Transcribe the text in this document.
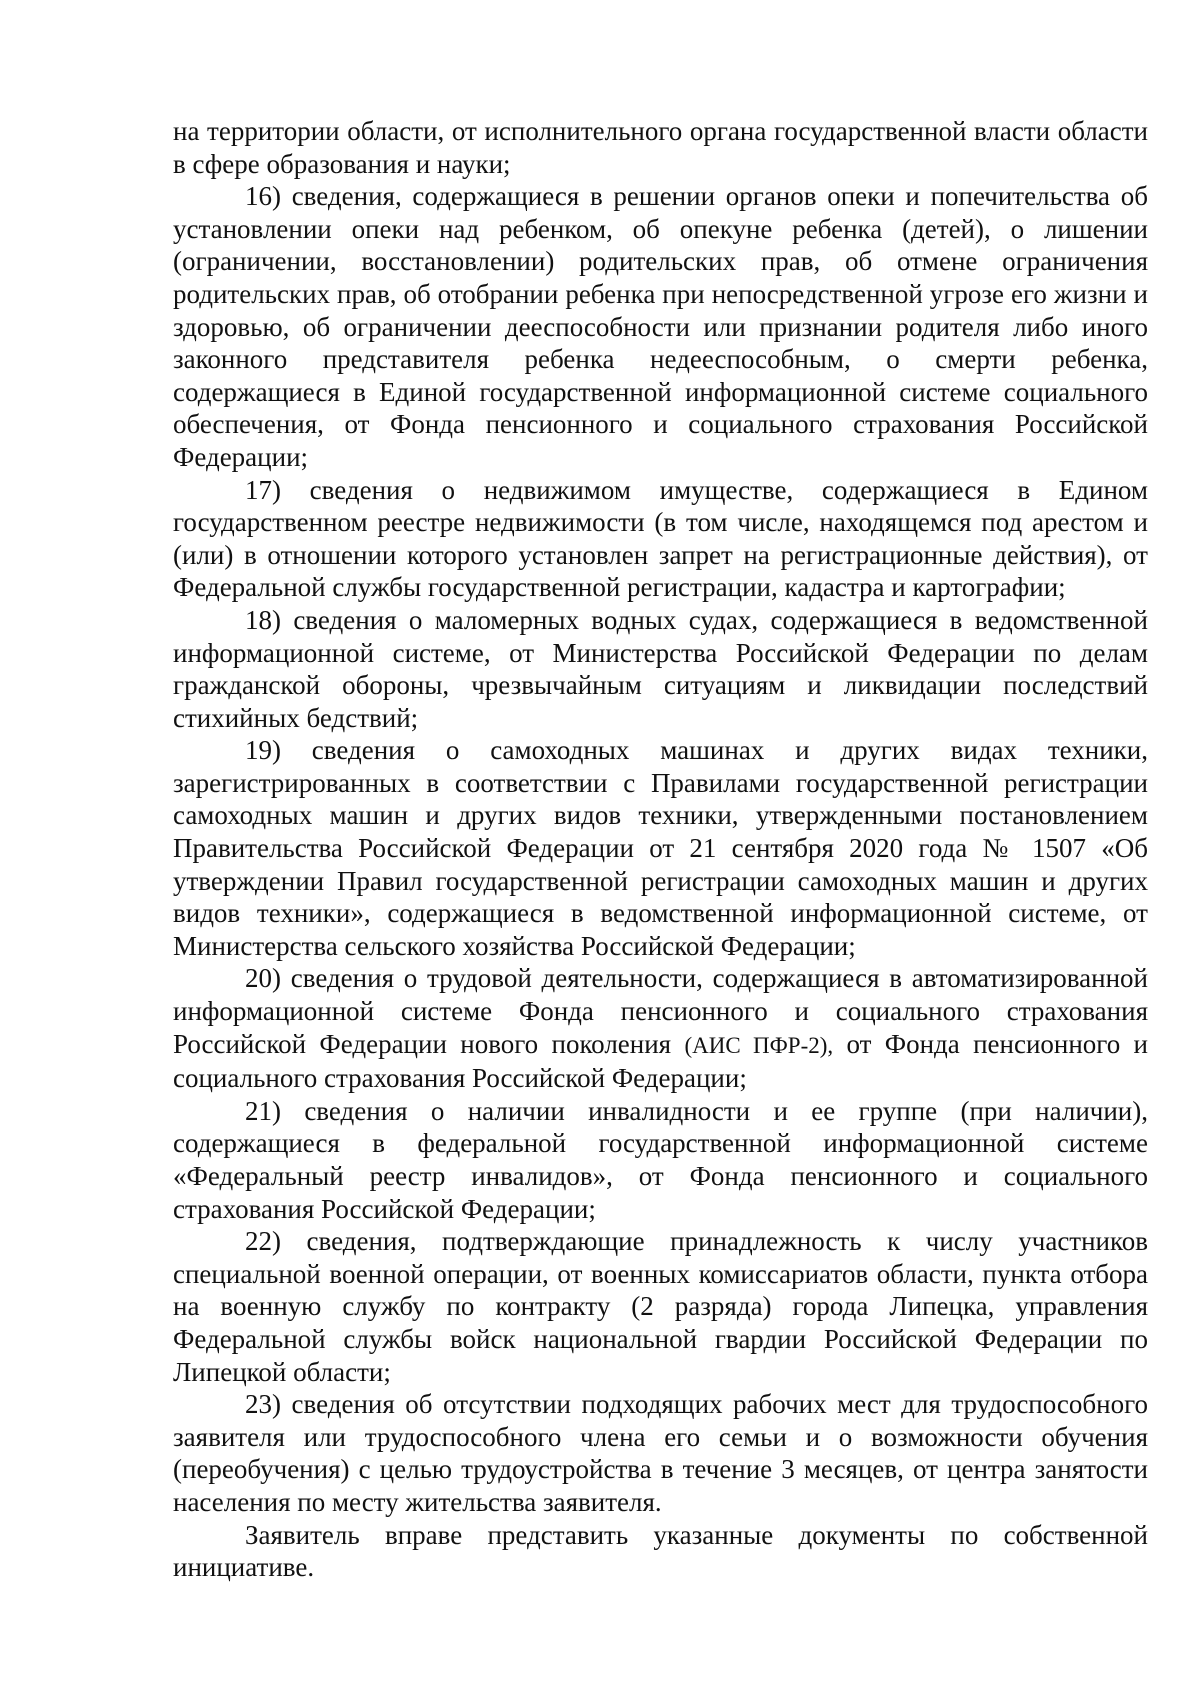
на территории области, от исполнительного органа государственной власти области в сфере образования и науки;

16) сведения, содержащиеся в решении органов опеки и попечительства об установлении опеки над ребенком, об опекуне ребенка (детей), о лишении (ограничении, восстановлении) родительских прав, об отмене ограничения родительских прав, об отобрании ребенка при непосредственной угрозе его жизни и здоровью, об ограничении дееспособности или признании родителя либо иного законного представителя ребенка недееспособным, о смерти ребенка, содержащиеся в Единой государственной информационной системе социального обеспечения, от Фонда пенсионного и социального страхования Российской Федерации;

17) сведения о недвижимом имуществе, содержащиеся в Едином государственном реестре недвижимости (в том числе, находящемся под арестом и (или) в отношении которого установлен запрет на регистрационные действия), от Федеральной службы государственной регистрации, кадастра и картографии;

18) сведения о маломерных водных судах, содержащиеся в ведомственной информационной системе, от Министерства Российской Федерации по делам гражданской обороны, чрезвычайным ситуациям и ликвидации последствий стихийных бедствий;

19) сведения о самоходных машинах и других видах техники, зарегистрированных в соответствии с Правилами государственной регистрации самоходных машин и других видов техники, утвержденными постановлением Правительства Российской Федерации от 21 сентября 2020 года № 1507 «Об утверждении Правил государственной регистрации самоходных машин и других видов техники», содержащиеся в ведомственной информационной системе, от Министерства сельского хозяйства Российской Федерации;

20) сведения о трудовой деятельности, содержащиеся в автоматизированной информационной системе Фонда пенсионного и социального страхования Российской Федерации нового поколения (АИС ПФР-2), от Фонда пенсионного и социального страхования Российской Федерации;

21) сведения о наличии инвалидности и ее группе (при наличии), содержащиеся в федеральной государственной информационной системе «Федеральный реестр инвалидов», от Фонда пенсионного и социального страхования Российской Федерации;

22) сведения, подтверждающие принадлежность к числу участников специальной военной операции, от военных комиссариатов области, пункта отбора на военную службу по контракту (2 разряда) города Липецка, управления Федеральной службы войск национальной гвардии Российской Федерации по Липецкой области;

23) сведения об отсутствии подходящих рабочих мест для трудоспособного заявителя или трудоспособного члена его семьи и о возможности обучения (переобучения) с целью трудоустройства в течение 3 месяцев, от центра занятости населения по месту жительства заявителя.

Заявитель вправе представить указанные документы по собственной инициативе.
